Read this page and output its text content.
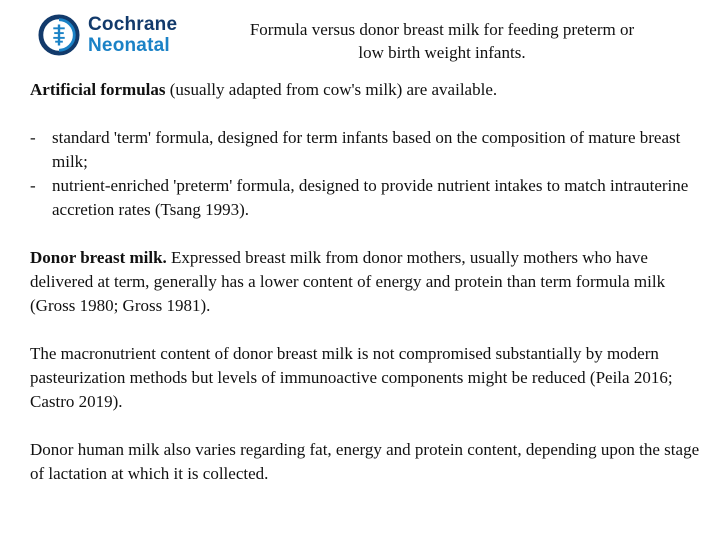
Cochrane
Neonatal
Formula versus donor breast milk for feeding preterm or low birth weight infants.

Artificial formulas (usually adapted from cow's milk) are available.

- standard 'term' formula, designed for term infants based on the composition of mature breast milk;
- nutrient-enriched 'preterm' formula, designed to provide nutrient intakes to match intrauterine accretion rates (Tsang 1993).

Donor breast milk. Expressed breast milk from donor mothers, usually mothers who have delivered at term, generally has a lower content of energy and protein than term formula milk (Gross 1980; Gross 1981).

The macronutrient content of donor breast milk is not compromised substantially by modern pasteurization methods but levels of immunoactive components might be reduced (Peila 2016; Castro 2019).

Donor human milk also varies regarding fat, energy and protein content, depending upon the stage of lactation at which it is collected.
